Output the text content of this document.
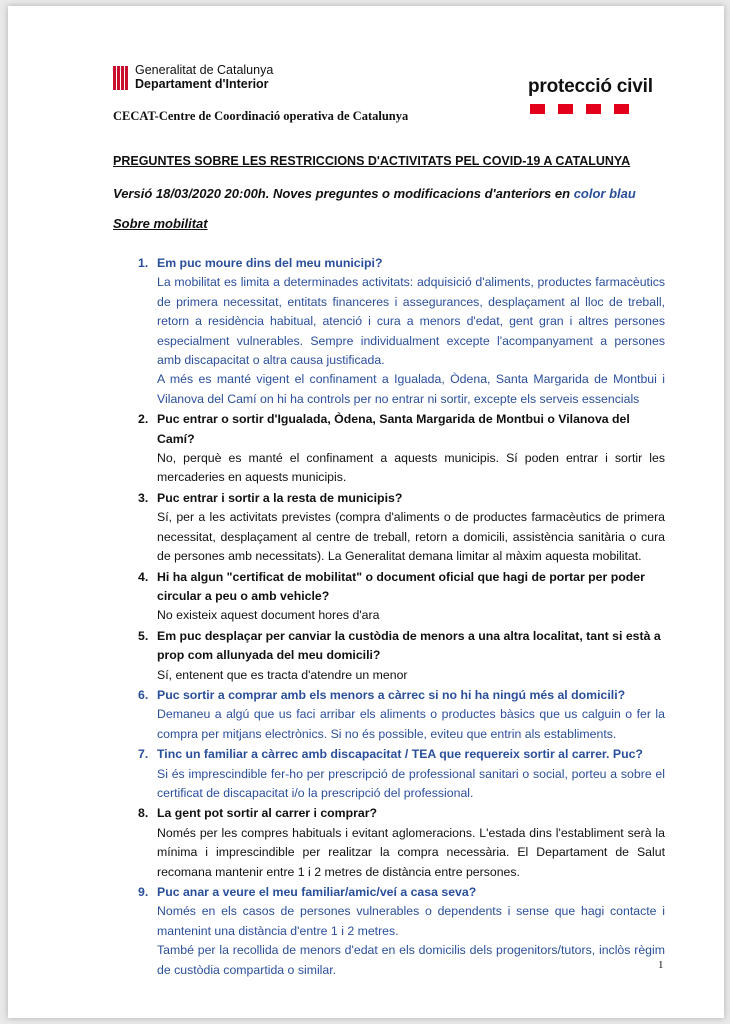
Generalitat de Catalunya
Departament d'Interior	protecció civil
CECAT-Centre de Coordinació operativa de Catalunya
PREGUNTES SOBRE LES RESTRICCIONS D'ACTIVITATS PEL COVID-19 A CATALUNYA
Versió 18/03/2020 20:00h. Noves preguntes o modificacions d'anteriors en color blau
Sobre mobilitat
1. Em puc moure dins del meu municipi?
La mobilitat es limita a determinades activitats: adquisició d'aliments, productes farmacèutics de primera necessitat, entitats financeres i assegurances, desplaçament al lloc de treball, retorn a residència habitual, atenció i cura a menors d'edat, gent gran i altres persones especialment vulnerables. Sempre individualment excepte l'acompanyament a persones amb discapacitat o altra causa justificada.
A més es manté vigent el confinament a Igualada, Òdena, Santa Margarida de Montbui i Vilanova del Camí on hi ha controls per no entrar ni sortir, excepte els serveis essencials
2. Puc entrar o sortir d'Igualada, Òdena, Santa Margarida de Montbui o Vilanova del Camí?
No, perquè es manté el confinament a aquests municipis. Sí poden entrar i sortir les mercaderies en aquests municipis.
3. Puc entrar i sortir a la resta de municipis?
Sí, per a les activitats previstes (compra d'aliments o de productes farmacèutics de primera necessitat, desplaçament al centre de treball, retorn a domicili, assistència sanitària o cura de persones amb necessitats). La Generalitat demana limitar al màxim aquesta mobilitat.
4. Hi ha algun "certificat de mobilitat" o document oficial que hagi de portar per poder circular a peu o amb vehicle?
No existeix aquest document hores d'ara
5. Em puc desplaçar per canviar la custòdia de menors a una altra localitat, tant si està a prop com allunyada del meu domicili?
Sí, entenent que es tracta d'atendre un menor
6. Puc sortir a comprar amb els menors a càrrec si no hi ha ningú més al domicili?
Demaneu a algú que us faci arribar els aliments o productes bàsics que us calguin o fer la compra per mitjans electrònics. Si no és possible, eviteu que entrin als establiments.
7. Tinc un familiar a càrrec amb discapacitat / TEA que requereix sortir al carrer. Puc?
Si és imprescindible fer-ho per prescripció de professional sanitari o social, porteu a sobre el certificat de discapacitat i/o la prescripció del professional.
8. La gent pot sortir al carrer i comprar?
Només per les compres habituals i evitant aglomeracions. L'estada dins l'establiment serà la mínima i imprescindible per realitzar la compra necessària. El Departament de Salut recomana mantenir entre 1 i 2 metres de distància entre persones.
9. Puc anar a veure el meu familiar/amic/veí a casa seva?
Només en els casos de persones vulnerables o dependents i sense que hagi contacte i mantenint una distància d'entre 1 i 2 metres.
També per la recollida de menors d'edat en els domicilis dels progenitors/tutors, inclòs règim de custòdia compartida o similar.	1
